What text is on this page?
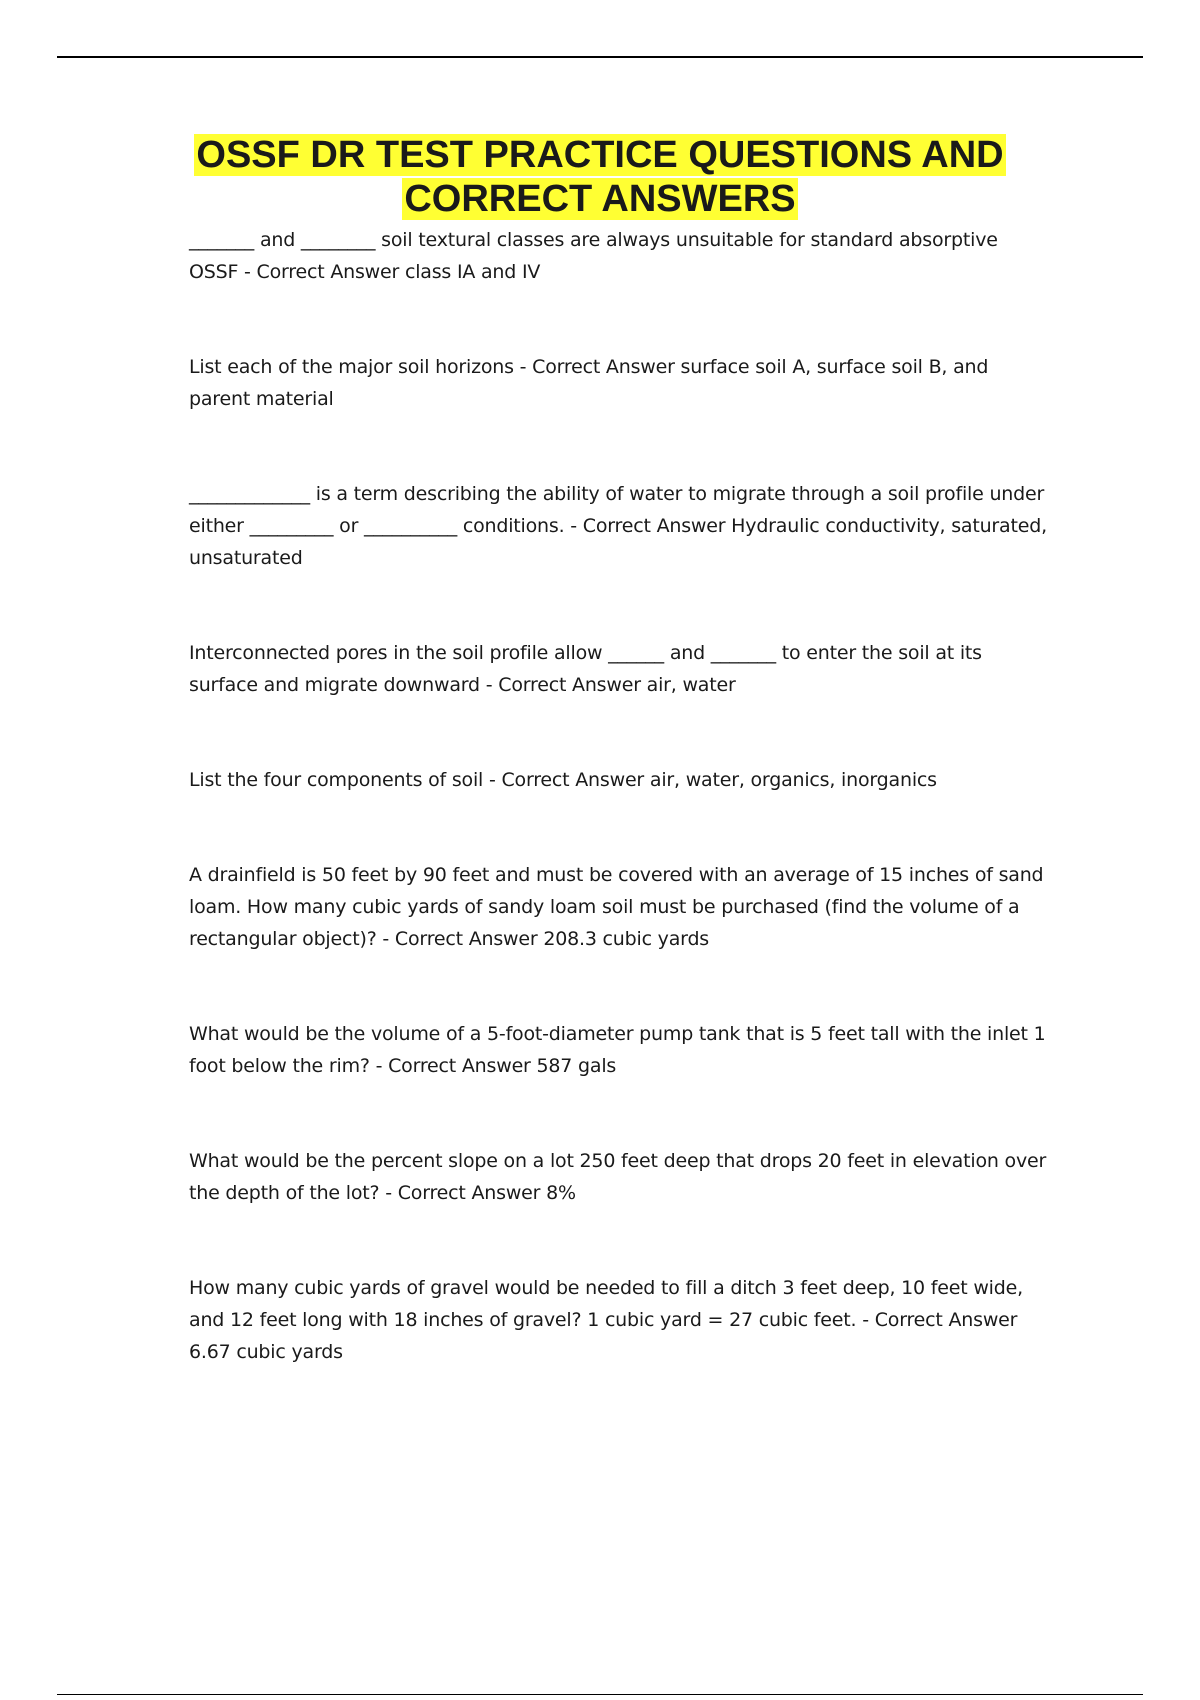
OSSF DR TEST PRACTICE QUESTIONS AND
CORRECT ANSWERS
_______ and ________ soil textural classes are always unsuitable for standard absorptive OSSF - Correct Answer class IA and IV
List each of the major soil horizons - Correct Answer surface soil A, surface soil B, and parent material
_____________ is a term describing the ability of water to migrate through a soil profile under either _________ or __________ conditions. - Correct Answer Hydraulic conductivity, saturated, unsaturated
Interconnected pores in the soil profile allow ______ and _______ to enter the soil at its surface and migrate downward - Correct Answer air, water
List the four components of soil - Correct Answer air, water, organics, inorganics
A drainfield is 50 feet by 90 feet and must be covered with an average of 15 inches of sand loam. How many cubic yards of sandy loam soil must be purchased (find the volume of a rectangular object)? - Correct Answer 208.3 cubic yards
What would be the volume of a 5-foot-diameter pump tank that is 5 feet tall with the inlet 1 foot below the rim? - Correct Answer 587 gals
What would be the percent slope on a lot 250 feet deep that drops 20 feet in elevation over the depth of the lot? - Correct Answer 8%
How many cubic yards of gravel would be needed to fill a ditch 3 feet deep, 10 feet wide, and 12 feet long with 18 inches of gravel? 1 cubic yard = 27 cubic feet. - Correct Answer 6.67 cubic yards
